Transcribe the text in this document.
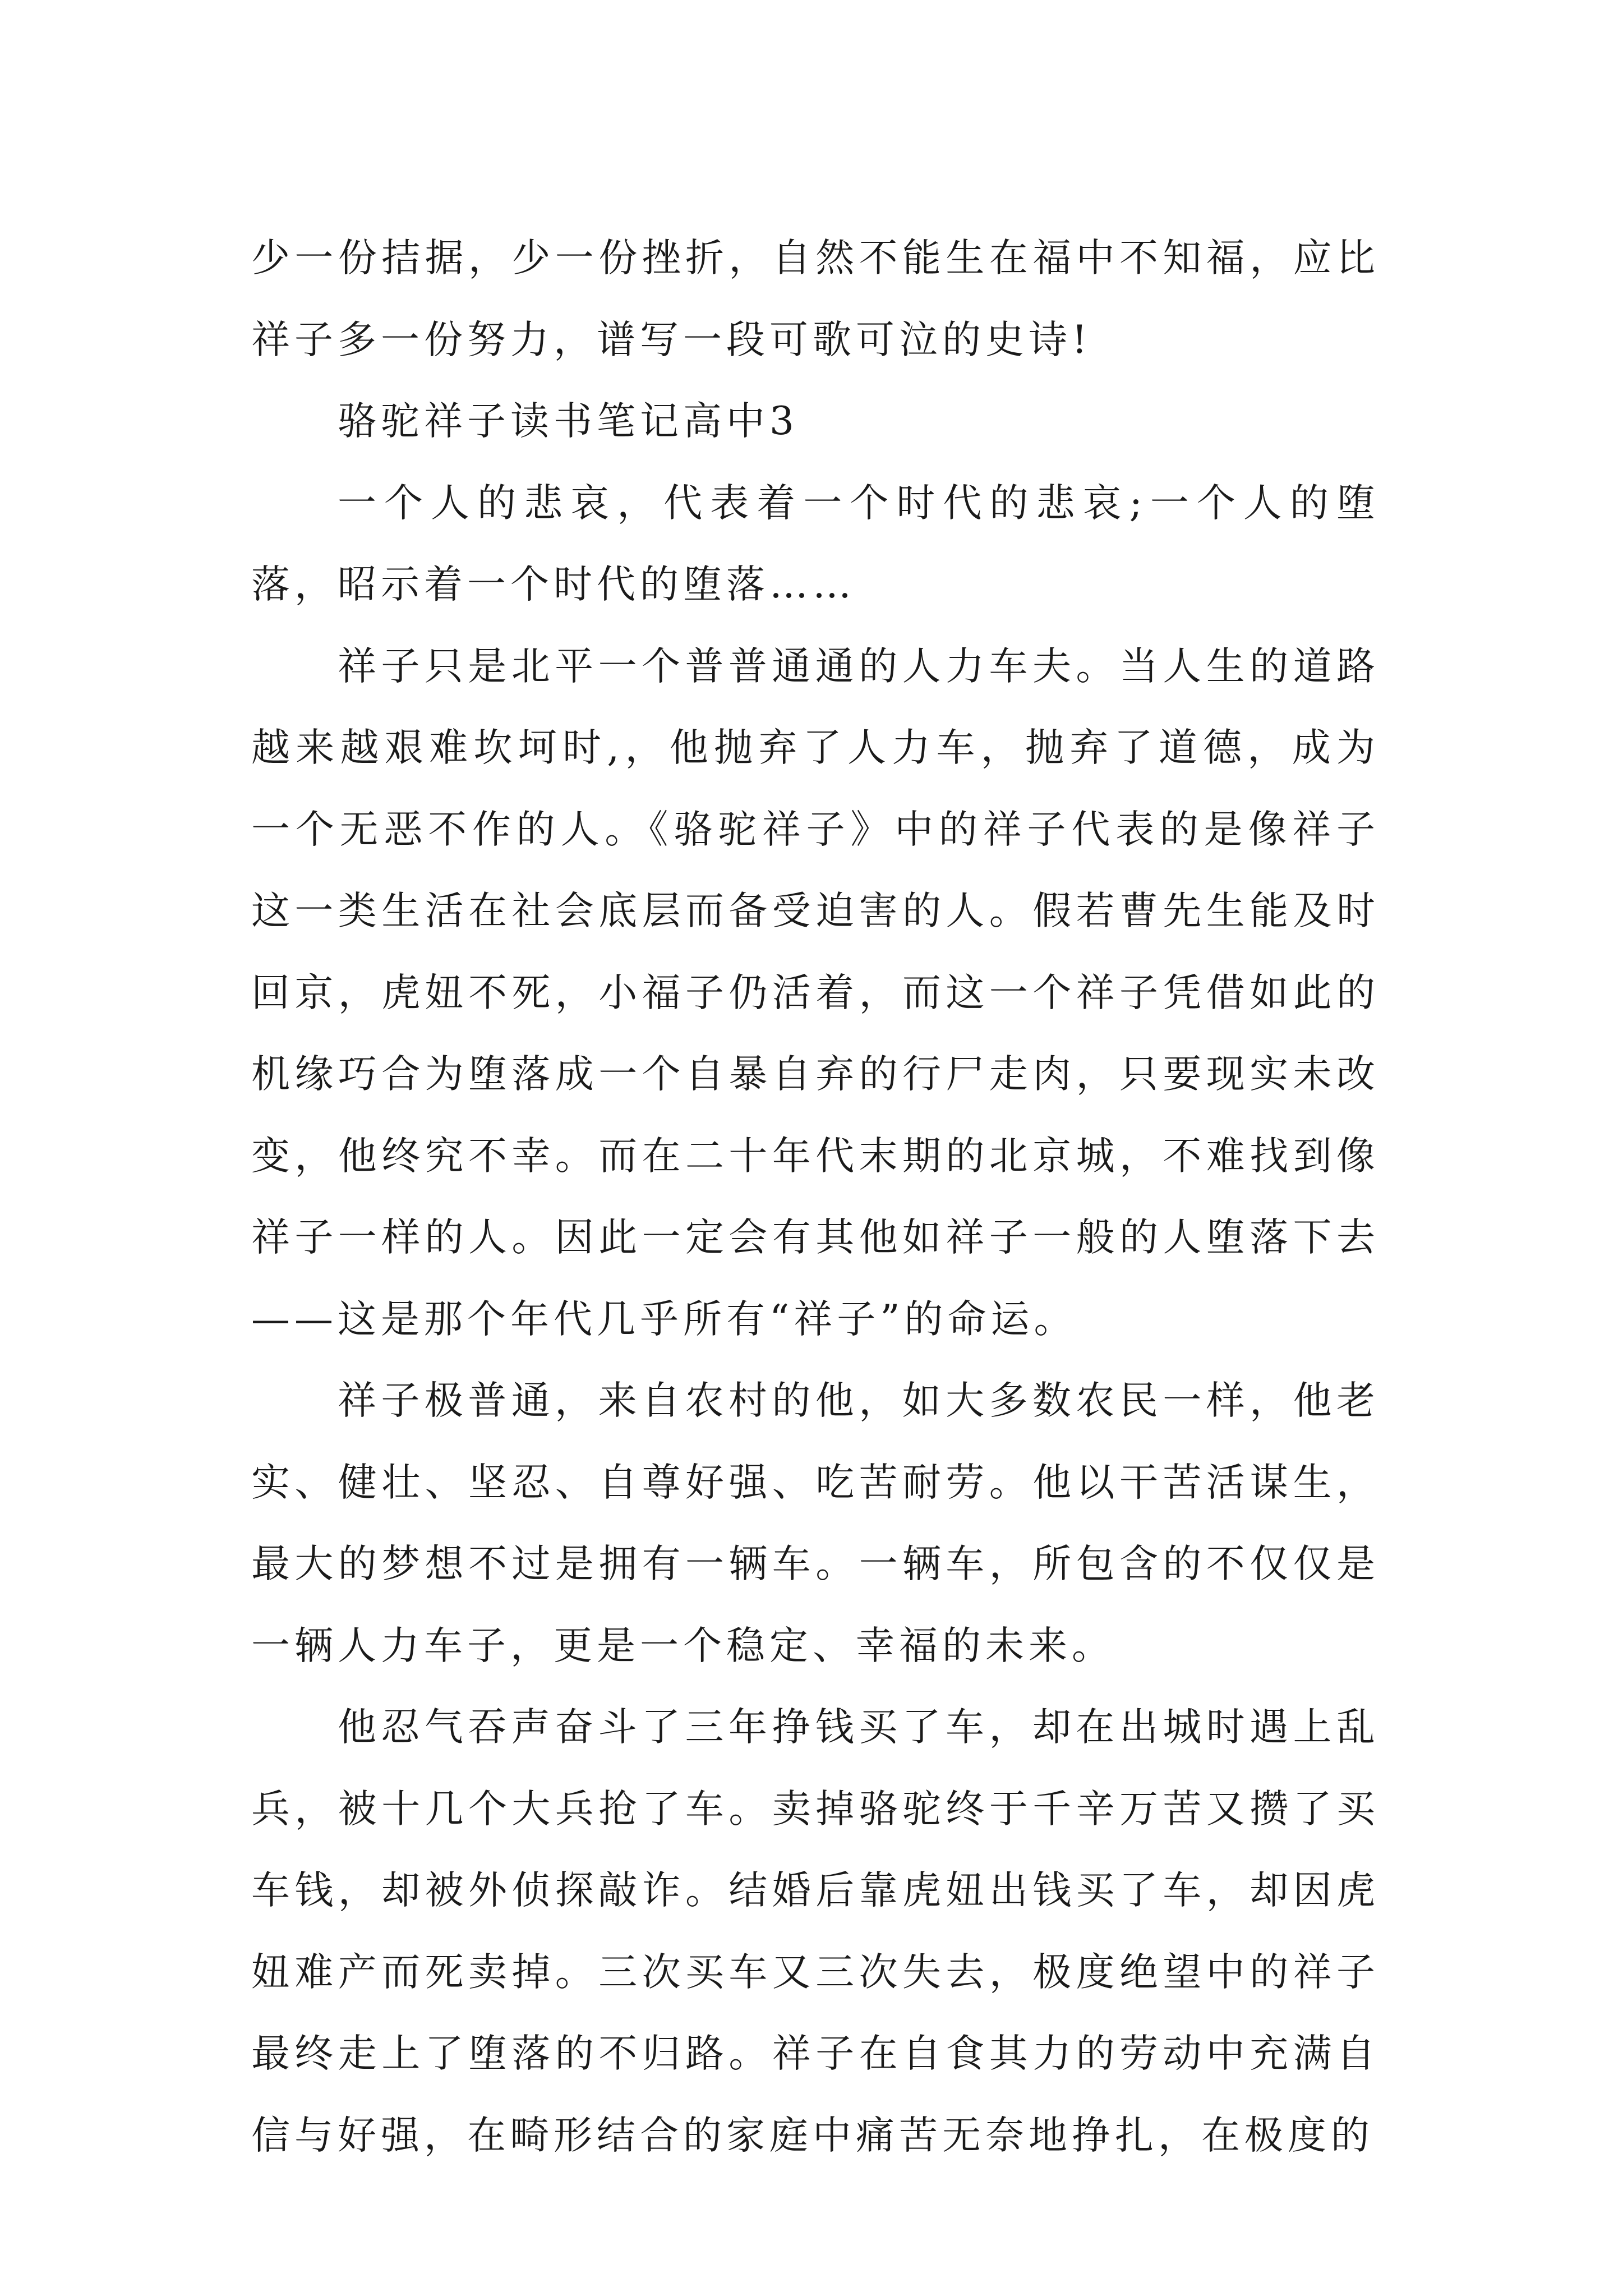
少一份拮据，少一份挫折，自然不能生在福中不知福，应比祥子多一份努力，谱写一段可歌可泣的史诗!

骆驼祥子读书笔记高中3

一个人的悲哀，代表着一个时代的悲哀;一个人的堕落，昭示着一个时代的堕落……

祥子只是北平一个普普通通的人力车夫。当人生的道路越来越艰难坎坷时,，他抛弃了人力车，抛弃了道德，成为一个无恶不作的人。《骆驼祥子》中的祥子代表的是像祥子这一类生活在社会底层而备受迫害的人。假若曹先生能及时回京，虎妞不死，小福子仍活着，而这一个祥子凭借如此的机缘巧合为堕落成一个自暴自弃的行尸走肉，只要现实未改变，他终究不幸。而在二十年代末期的北京城，不难找到像祥子一样的人。因此一定会有其他如祥子一般的人堕落下去——这是那个年代几乎所有“祥子”的命运。

祥子极普通，来自农村的他，如大多数农民一样，他老实、健壮、坚忍、自尊好强、吃苦耐劳。他以干苦活谋生，最大的梦想不过是拥有一辆车。一辆车，所包含的不仅仅是一辆人力车子，更是一个稳定、幸福的未来。

他忍气吞声奋斗了三年挣钱买了车，却在出城时遇上乱兵，被十几个大兵抢了车。卖掉骆驼终于千辛万苦又攒了买车钱，却被外侦探敲诈。结婚后靠虎妞出钱买了车，却因虎妞难产而死卖掉。三次买车又三次失去，极度绝望中的祥子最终走上了堕落的不归路。祥子在自食其力的劳动中充满自信与好强，在畸形结合的家庭中痛苦无奈地挣扎，在极度的
